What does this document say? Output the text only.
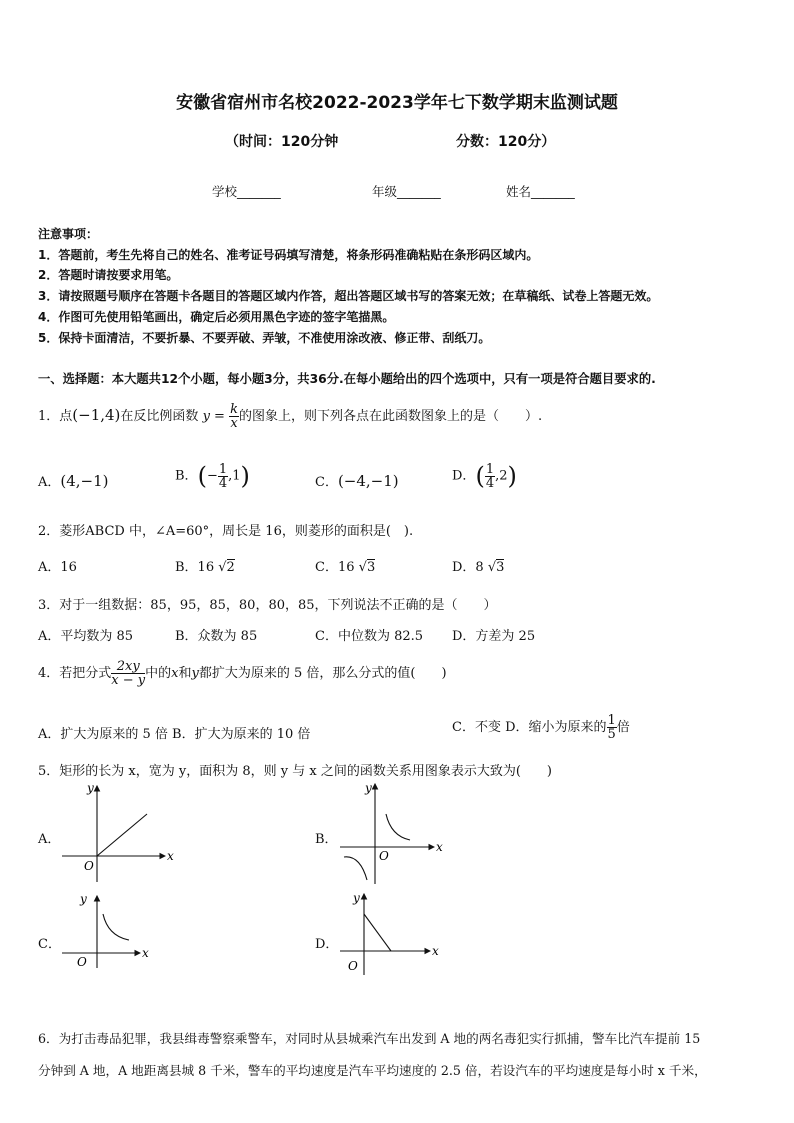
安徽省宿州市名校2022-2023学年七下数学期末监测试题
（时间：120分钟	分数：120分）
学校_______	年级_______	姓名_______
注意事项：
1．答题前，考生先将自己的姓名、准考证号码填写清楚，将条形码准确粘贴在条形码区域内。
2．答题时请按要求用笔。
3．请按照题号顺序在答题卡各题目的答题区域内作答，超出答题区域书写的答案无效；在草稿纸、试卷上答题无效。
4．作图可先使用铅笔画出，确定后必须用黑色字迹的签字笔描黑。
5．保持卡面清洁，不要折暴、不要弄破、弄皱，不准使用涂改液、修正带、刮纸刀。
一、选择题：本大题共12个小题，每小题3分，共36分.在每小题给出的四个选项中，只有一项是符合题目要求的.
1．点(−1,4)在反比例函数 $y = \frac{k}{x}$ 的图象上，则下列各点在此函数图象上的是（　　）.
A．(4,−1)	B．(− $\frac{1}{4} ,1$)	C．(−4,−1)	D．( $\frac{1}{4} ,2$)
2．菱形ABCD 中，∠A=60°，周长是 16，则菱形的面积是(　).
A．16	B．16 √2	C．16 √3	D．8 √3
3．对于一组数据：85，95，85，80，80，85，下列说法不正确的是（　　）
A．平均数为 85	B．众数为 85	C．中位数为 82.5 D．方差为 25
4．若把分式 $\frac{2xy}{x - y}$ 中的x和y都扩大为原来的 5 倍，那么分式的值(　　)
A．扩大为原来的 5 倍 B．扩大为原来的 10 倍	C．不变 D．缩小为原来的 $\frac{1}{5}$ 倍
5．矩形的长为 x，宽为 y，面积为 8，则 y 与 x 之间的函数关系用图象表示大致为(　　)
A．	B．
C．	D．
x
y
O
x
y
O
x
y
O
x
y
O
6．为打击毒品犯罪，我县缉毒警察乘警车，对同时从县城乘汽车出发到 A 地的两名毒犯实行抓捕，警车比汽车提前 15
分钟到 A 地，A 地距离县城 8 千米，警车的平均速度是汽车平均速度的 2.5 倍，若设汽车的平均速度是每小时 x 千米，
